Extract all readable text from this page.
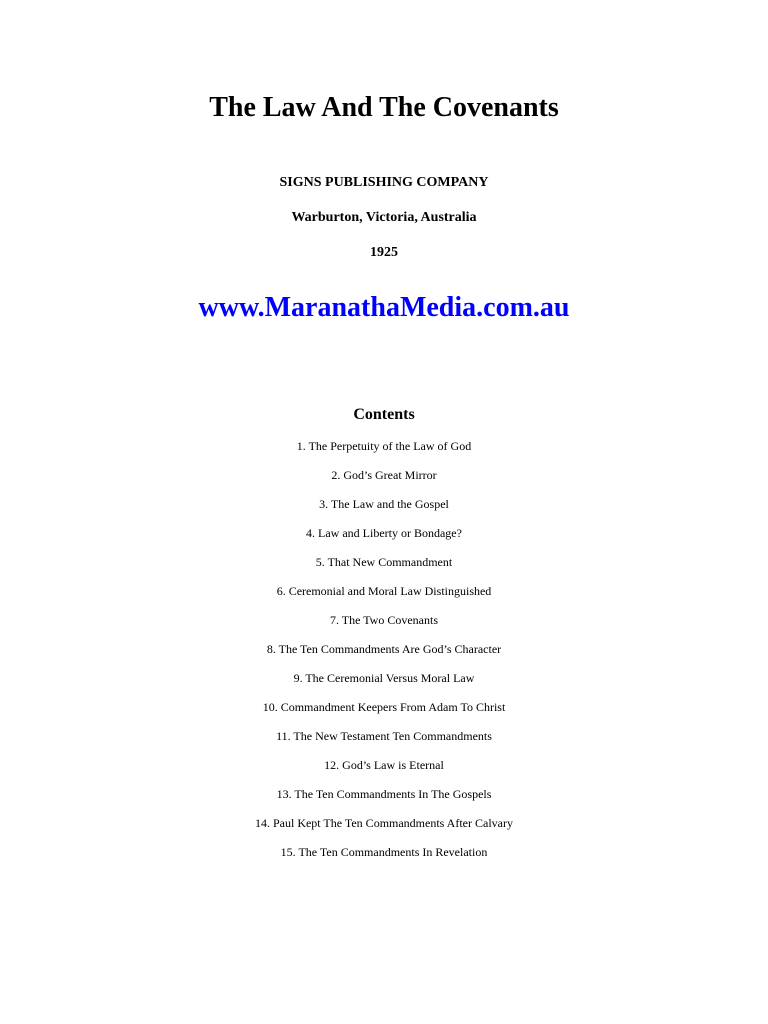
The Law And The Covenants

SIGNS PUBLISHING COMPANY

Warburton, Victoria, Australia

1925

www.MaranathaMedia.com.au
Contents
1. The Perpetuity of the Law of God
2. God’s Great Mirror
3. The Law and the Gospel
4. Law and Liberty or Bondage?
5. That New Commandment
6. Ceremonial and Moral Law Distinguished
7. The Two Covenants
8. The Ten Commandments Are God’s Character
9. The Ceremonial Versus Moral Law
10. Commandment Keepers From Adam To Christ
11. The New Testament Ten Commandments
12. God’s Law is Eternal
13. The Ten Commandments In The Gospels
14. Paul Kept The Ten Commandments After Calvary
15. The Ten Commandments In Revelation
